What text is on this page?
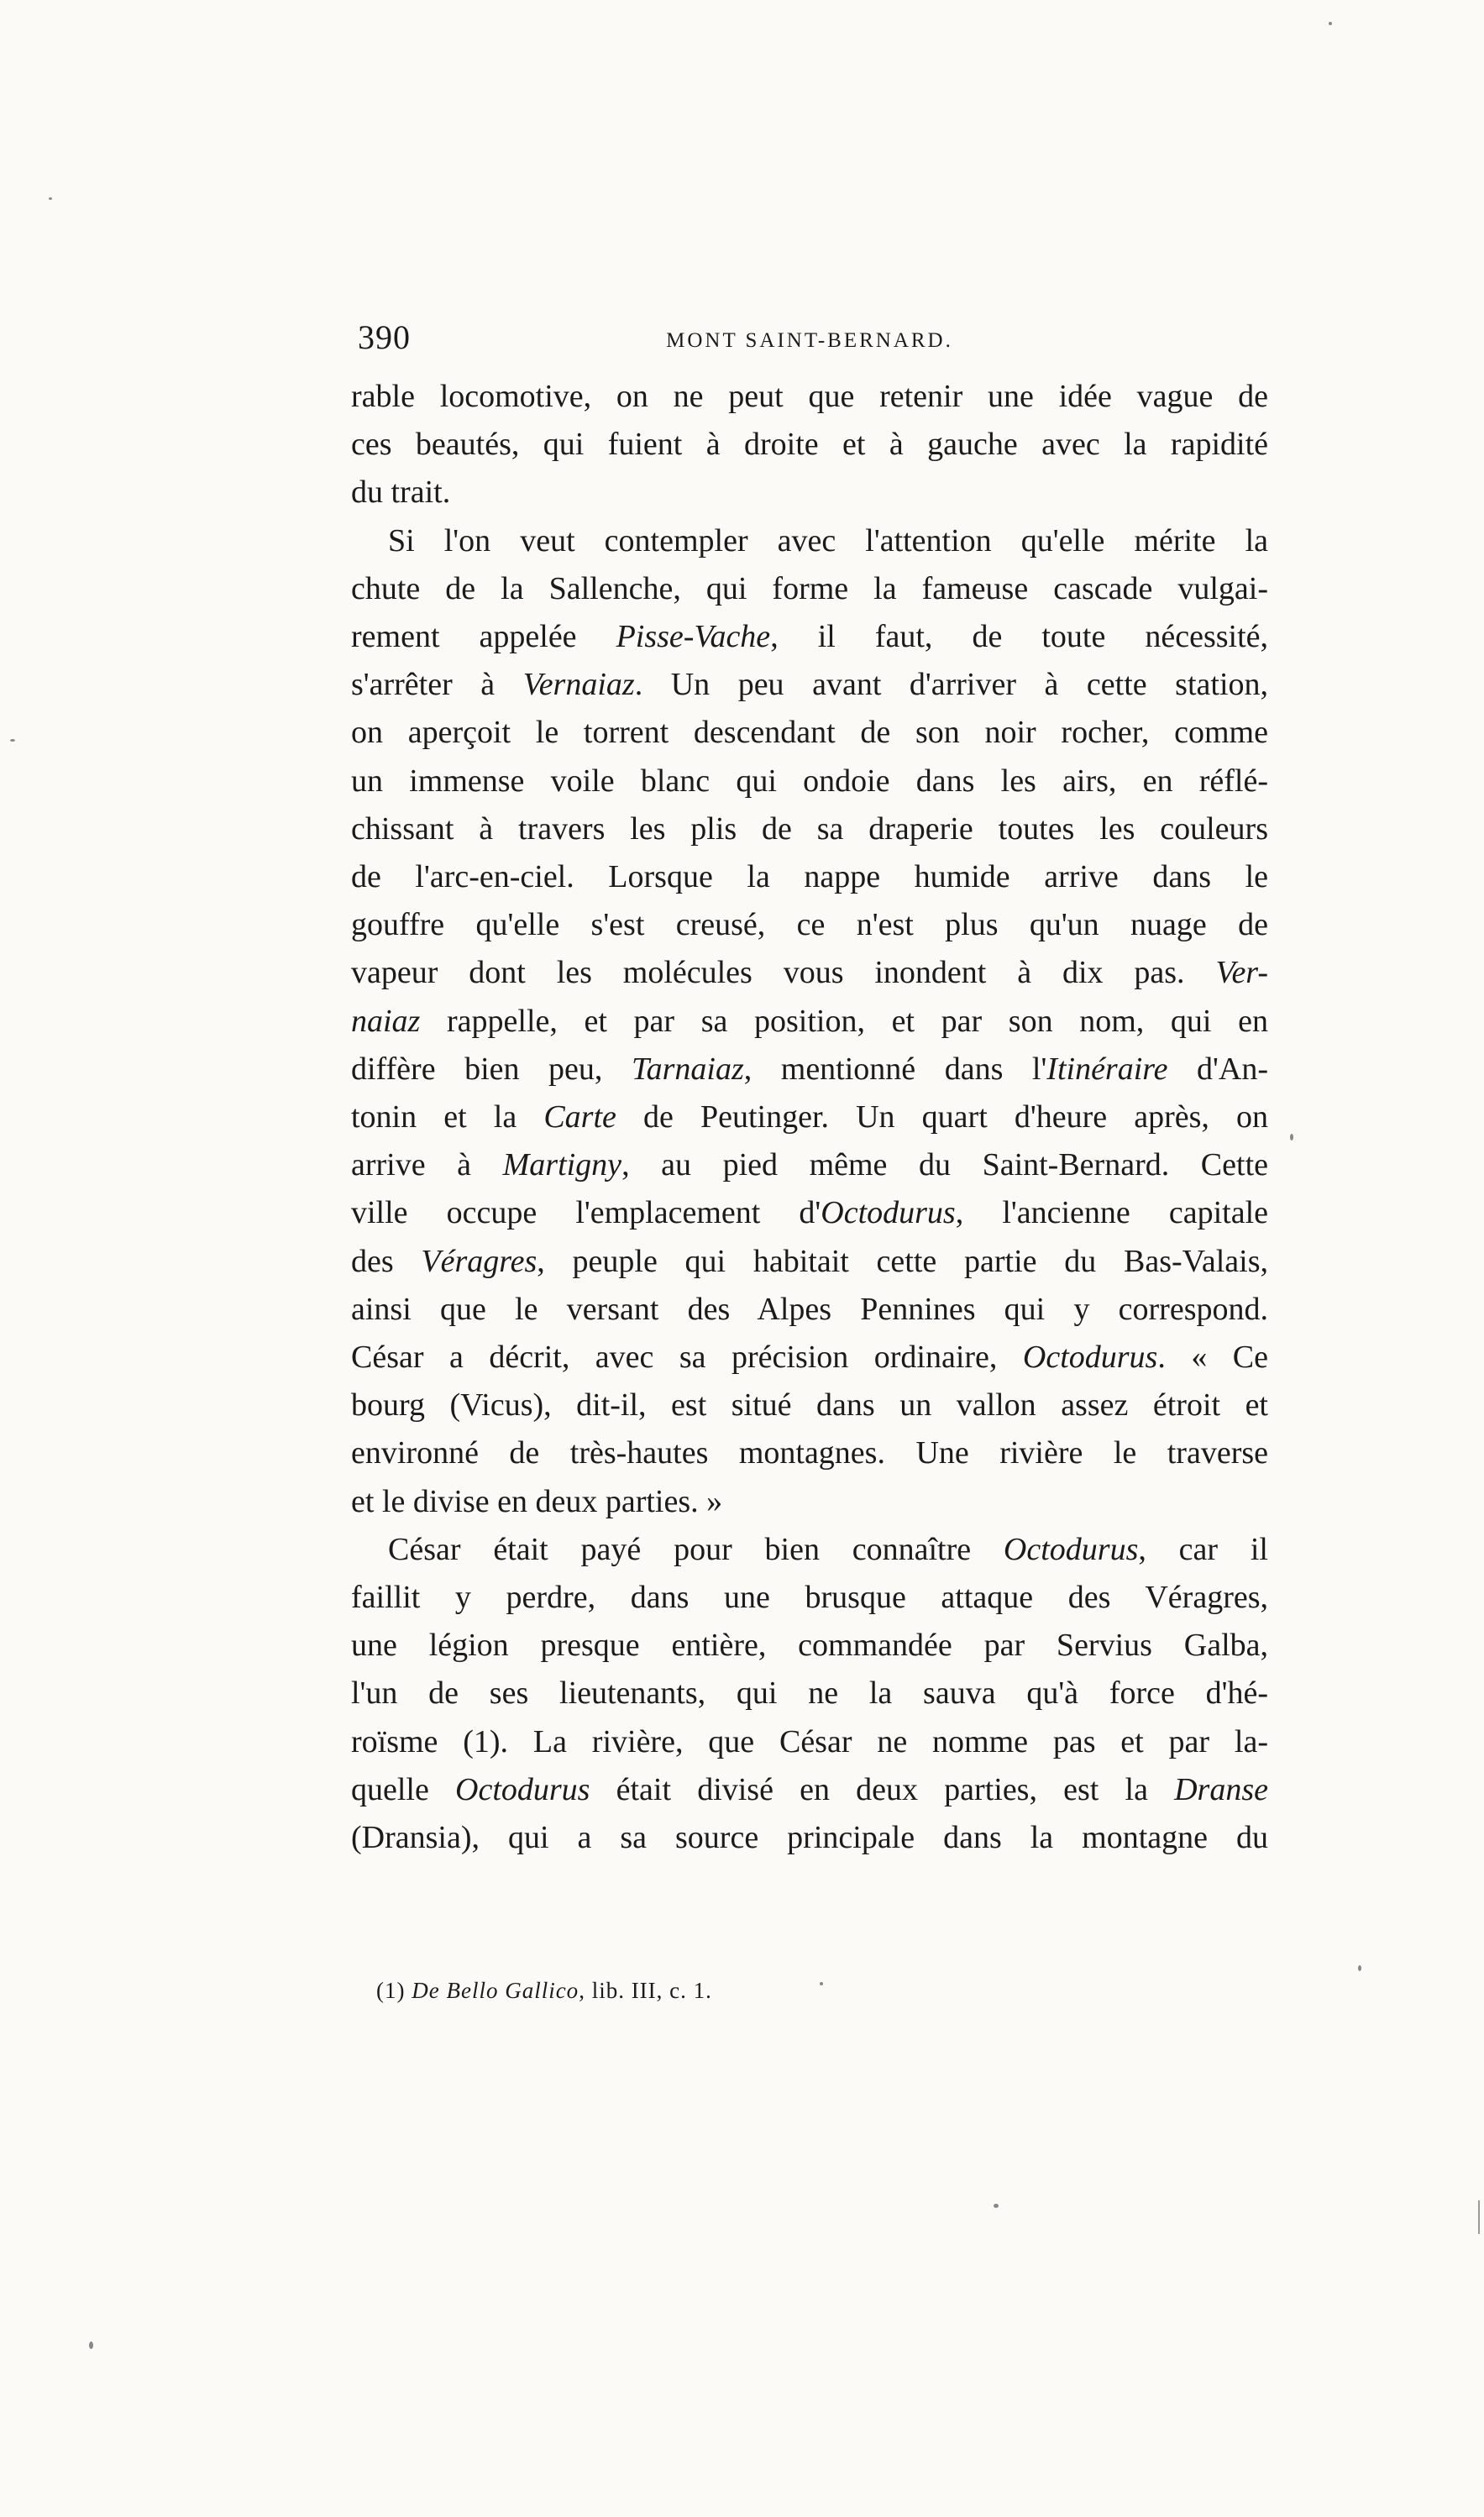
390	MONT SAINT-BERNARD.

rable locomotive, on ne peut que retenir une idée vague de

ces beautés, qui fuient à droite et à gauche avec la rapidité

du trait.

Si l'on veut contempler avec l'attention qu'elle mérite la

chute de la Sallenche, qui forme la fameuse cascade vulgai-

rement appelée Pisse-Vache, il faut, de toute nécessité,

s'arrêter à Vernaiaz. Un peu avant d'arriver à cette station,

on aperçoit le torrent descendant de son noir rocher, comme

un immense voile blanc qui ondoie dans les airs, en réflé-

chissant à travers les plis de sa draperie toutes les couleurs

de l'arc-en-ciel. Lorsque la nappe humide arrive dans le

gouffre qu'elle s'est creusé, ce n'est plus qu'un nuage de

vapeur dont les molécules vous inondent à dix pas. Ver-

naiaz rappelle, et par sa position, et par son nom, qui en

diffère bien peu, Tarnaiaz, mentionné dans l'Itinéraire d'An-

tonin et la Carte de Peutinger. Un quart d'heure après, on

arrive à Martigny, au pied même du Saint-Bernard. Cette

ville occupe l'emplacement d'Octodurus, l'ancienne capitale

des Véragres, peuple qui habitait cette partie du Bas-Valais,

ainsi que le versant des Alpes Pennines qui y correspond.

César a décrit, avec sa précision ordinaire, Octodurus. « Ce

bourg (Vicus), dit-il, est situé dans un vallon assez étroit et

environné de très-hautes montagnes. Une rivière le traverse

et le divise en deux parties. »

César était payé pour bien connaître Octodurus, car il

faillit y perdre, dans une brusque attaque des Véragres,

une légion presque entière, commandée par Servius Galba,

l'un de ses lieutenants, qui ne la sauva qu'à force d'hé-

roïsme (1). La rivière, que César ne nomme pas et par la-

quelle Octodurus était divisé en deux parties, est la Dranse

(Dransia), qui a sa source principale dans la montagne du

(1) De Bello Gallico, lib. III, c. 1.
